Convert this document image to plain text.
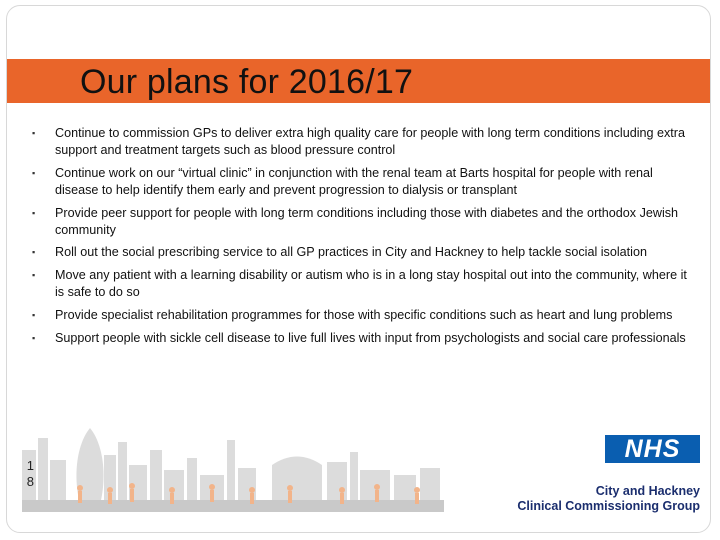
Our plans for 2016/17
▪ Continue to commission GPs to deliver extra high quality care for people with long term conditions including extra support and treatment targets such as blood pressure control
▪ Continue work on our “virtual clinic” in conjunction with the renal team at Barts hospital for people with renal disease to help identify them early and prevent progression to dialysis or transplant
▪ Provide peer support for people with long term conditions including those with diabetes and the orthodox Jewish community
▪ Roll out the social prescribing service to all GP practices in City and Hackney to help tackle social isolation
▪ Move any patient with a learning disability or autism who is in a long stay hospital out into the community, where it is safe to do so
▪ Provide specialist rehabilitation programmes for those with specific conditions such as heart and lung problems
▪ Support people with sickle cell disease to live full lives with input from psychologists and social care professionals
1
8
NHS
City and Hackney
Clinical Commissioning Group
